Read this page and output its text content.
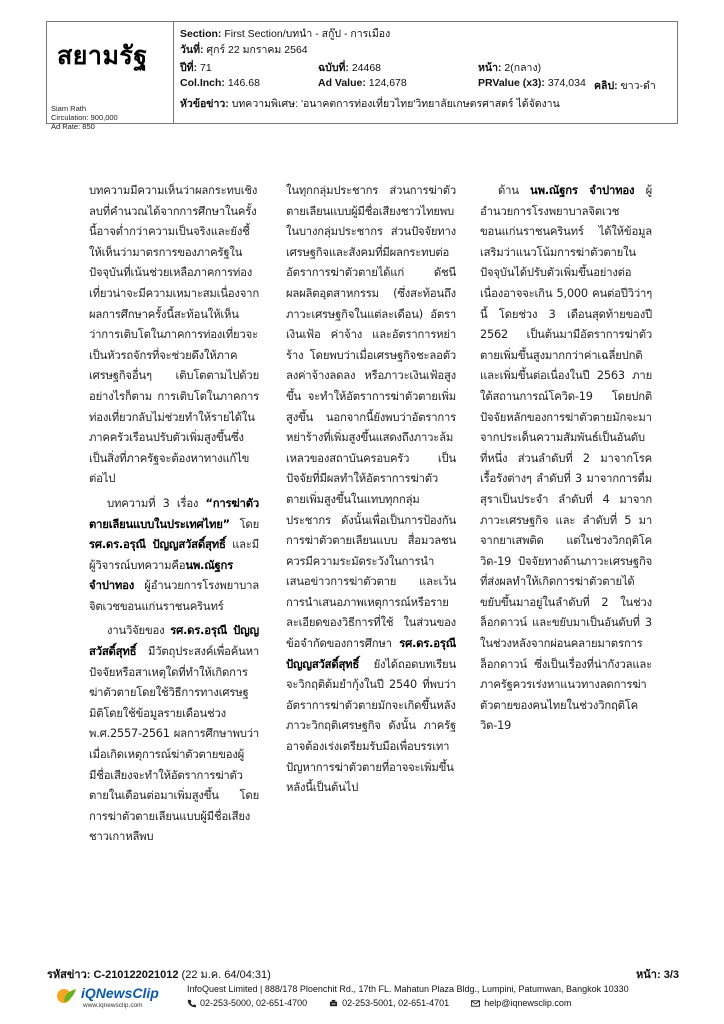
สยามรัฐ
Siam Rath
Circulation: 900,000
Ad Rate: 850
Section: First Section/บทนำ - สกู๊ป - การเมือง
วันที่: ศุกร์ 22 มกราคม 2564
ปีที่: 71	ฉบับที่: 24468	หน้า: 2(กลาง)
Col.Inch: 146.68	Ad Value: 124,678	PRValue (x3): 374,034 คลิป: ขาว-ดำ
หัวข้อข่าว: บทความพิเศษ: 'อนาคตการท่องเที่ยวไทย'วิทยาลัยเกษตรศาสตร์ ได้จัดงาน

บทความมีความเห็นว่าผลกระทบเชิงลบที่คำนวณได้จากการศึกษาในครั้งนี้อาจต่ำกว่าความเป็นจริงและยังชี้ให้เห็นว่ามาตรการของภาครัฐในปัจจุบันที่เน้นช่วยเหลือภาคการท่องเที่ยวน่าจะมีความเหมาะสมเนื่องจากผลการศึกษาครั้งนี้สะท้อนให้เห็นว่าการเติบโตในภาคการท่องเที่ยวจะเป็นหัวรถจักรที่จะช่วยดึงให้ภาคเศรษฐกิจอื่นๆ เติบโตตามไปด้วย อย่างไรก็ตาม การเติบโตในภาคการท่องเที่ยวกลับไม่ช่วยทำให้รายได้ในภาคครัวเรือนปรับตัวเพิ่มสูงขึ้นซึ่งเป็นสิ่งที่ภาครัฐจะต้องหาทางแก้ไขต่อไป

บทความที่ 3 เรื่อง “การฆ่าตัวตายเลียนแบบในประเทศไทย” โดย รศ.ดร.อรุณี ปัญญสวัสดิ์สุทธิ์ และมีผู้วิจารณ์บทความคือนพ.ณัฐกร จำปาทอง ผู้อำนวยการโรงพยาบาลจิตเวชขอนแก่นราชนครินทร์

งานวิจัยของ รศ.ดร.อรุณี ปัญญสวัสดิ์สุทธิ์ มีวัตถุประสงค์เพื่อค้นหาปัจจัยหรือสาเหตุใดที่ทำให้เกิดการฆ่าตัวตายโดยใช้วิธีการทางเศรษฐมิติโดยใช้ข้อมูลรายเดือนช่วง พ.ศ.2557-2561 ผลการศึกษาพบว่าเมื่อเกิดเหตุการณ์ฆ่าตัวตายของผู้มีชื่อเสียงจะทำให้อัตราการฆ่าตัวตายในเดือนต่อมาเพิ่มสูงขึ้น โดยการฆ่าตัวตายเลียนแบบผู้มีชื่อเสียงชาวเกาหลีพบ

ในทุกกลุ่มประชากร ส่วนการฆ่าตัวตายเลียนแบบผู้มีชื่อเสียงชาวไทยพบในบางกลุ่มประชากร ส่วนปัจจัยทางเศรษฐกิจและสังคมที่มีผลกระทบต่ออัตราการฆ่าตัวตายได้แก่ ดัชนีผลผลิตอุตสาหกรรม (ซึ่งสะท้อนถึงภาวะเศรษฐกิจในแต่ละเดือน) อัตราเงินเฟ้อ ค่าจ้าง และอัตราการหย่าร้าง โดยพบว่าเมื่อเศรษฐกิจชะลอตัวลงค่าจ้างลดลง หรือภาวะเงินเฟ้อสูงขึ้น จะทำให้อัตราการฆ่าตัวตายเพิ่มสูงขึ้น นอกจากนี้ยังพบว่าอัตราการหย่าร้างที่เพิ่มสูงขึ้นแสดงถึงภาวะล้มเหลวของสถาบันครอบครัว เป็นปัจจัยที่มีผลทำให้อัตราการฆ่าตัวตายเพิ่มสูงขึ้นในแทบทุกกลุ่มประชากร ดังนั้นเพื่อเป็นการป้องกันการฆ่าตัวตายเลียนแบบ สื่อมวลชนควรมีความระมัดระวังในการนำเสนอข่าวการฆ่าตัวตาย และเว้นการนำเสนอภาพเหตุการณ์หรือรายละเอียดของวิธีการที่ใช้ ในส่วนของข้อจำกัดของการศึกษา รศ.ดร.อรุณี ปัญญสวัสดิ์สุทธิ์ ยังได้ถอดบทเรียนจะวิกฤติต้มยำกุ้งในปี 2540 ที่พบว่าอัตราการฆ่าตัวตายมักจะเกิดขึ้นหลังภาวะวิกฤติเศรษฐกิจ ดังนั้น ภาครัฐอาจต้องเร่งเตรียมรับมือเพื่อบรรเทาปัญหาการฆ่าตัวตายที่อาจจะเพิ่มขึ้นหลังนี้เป็นต้นไป

ด้าน นพ.ณัฐกร จำปาทอง ผู้อำนวยการโรงพยาบาลจิตเวชขอนแก่นราชนครินทร์ ได้ให้ข้อมูลเสริมว่าแนวโน้มการฆ่าตัวตายในปัจจุบันได้ปรับตัวเพิ่มขึ้นอย่างต่อเนื่องอาจจะเกิน 5,000 คนต่อปีวิว่าๆ นี้ โดยช่วง 3 เดือนสุดท้ายของปี 2562 เป็นต้นมามีอัตราการฆ่าตัวตายเพิ่มขึ้นสูงมากกว่าค่าเฉลี่ยปกติ และเพิ่มขึ้นต่อเนื่องในปี 2563 ภายใต้สถานการณ์โควิด-19 โดยปกติปัจจัยหลักของการฆ่าตัวตายมักจะมาจากประเด็นความสัมพันธ์เป็นอันดับที่หนึ่ง ส่วนลำดับที่ 2 มาจากโรคเรื้อรังต่างๆ ลำดับที่ 3 มาจากการดื่มสุราเป็นประจำ ลำดับที่ 4 มาจากภาวะเศรษฐกิจ และ ลำดับที่ 5 มาจากยาเสพติด แต่ในช่วงวิกฤติโควิด-19 ปัจจัยทางด้านภาวะเศรษฐกิจที่ส่งผลทำให้เกิดการฆ่าตัวตายได้ขยับขึ้นมาอยู่ในลำดับที่ 2 ในช่วงล็อกดาวน์ และขยับมาเป็นอันดับที่ 3 ในช่วงหลังจากผ่อนคลายมาตรการล็อกดาวน์ ซึ่งเป็นเรื่องที่น่ากังวลและภาครัฐควรเร่งหาแนวทางลดการฆ่าตัวตายของคนไทยในช่วงวิกฤติโควิด-19

รหัสข่าว: C-210122021012 (22 ม.ค. 64/04:31)	หน้า: 3/3
iQNewsClip
www.iqnewsclip.com
InfoQuest Limited | 888/178 Ploenchit Rd., 17th FL. Mahatun Plaza Bldg., Lumpini, Patumwan, Bangkok 10330
02-253-5000, 02-651-4700	02-253-5001, 02-651-4701	help@iqnewsclip.com
